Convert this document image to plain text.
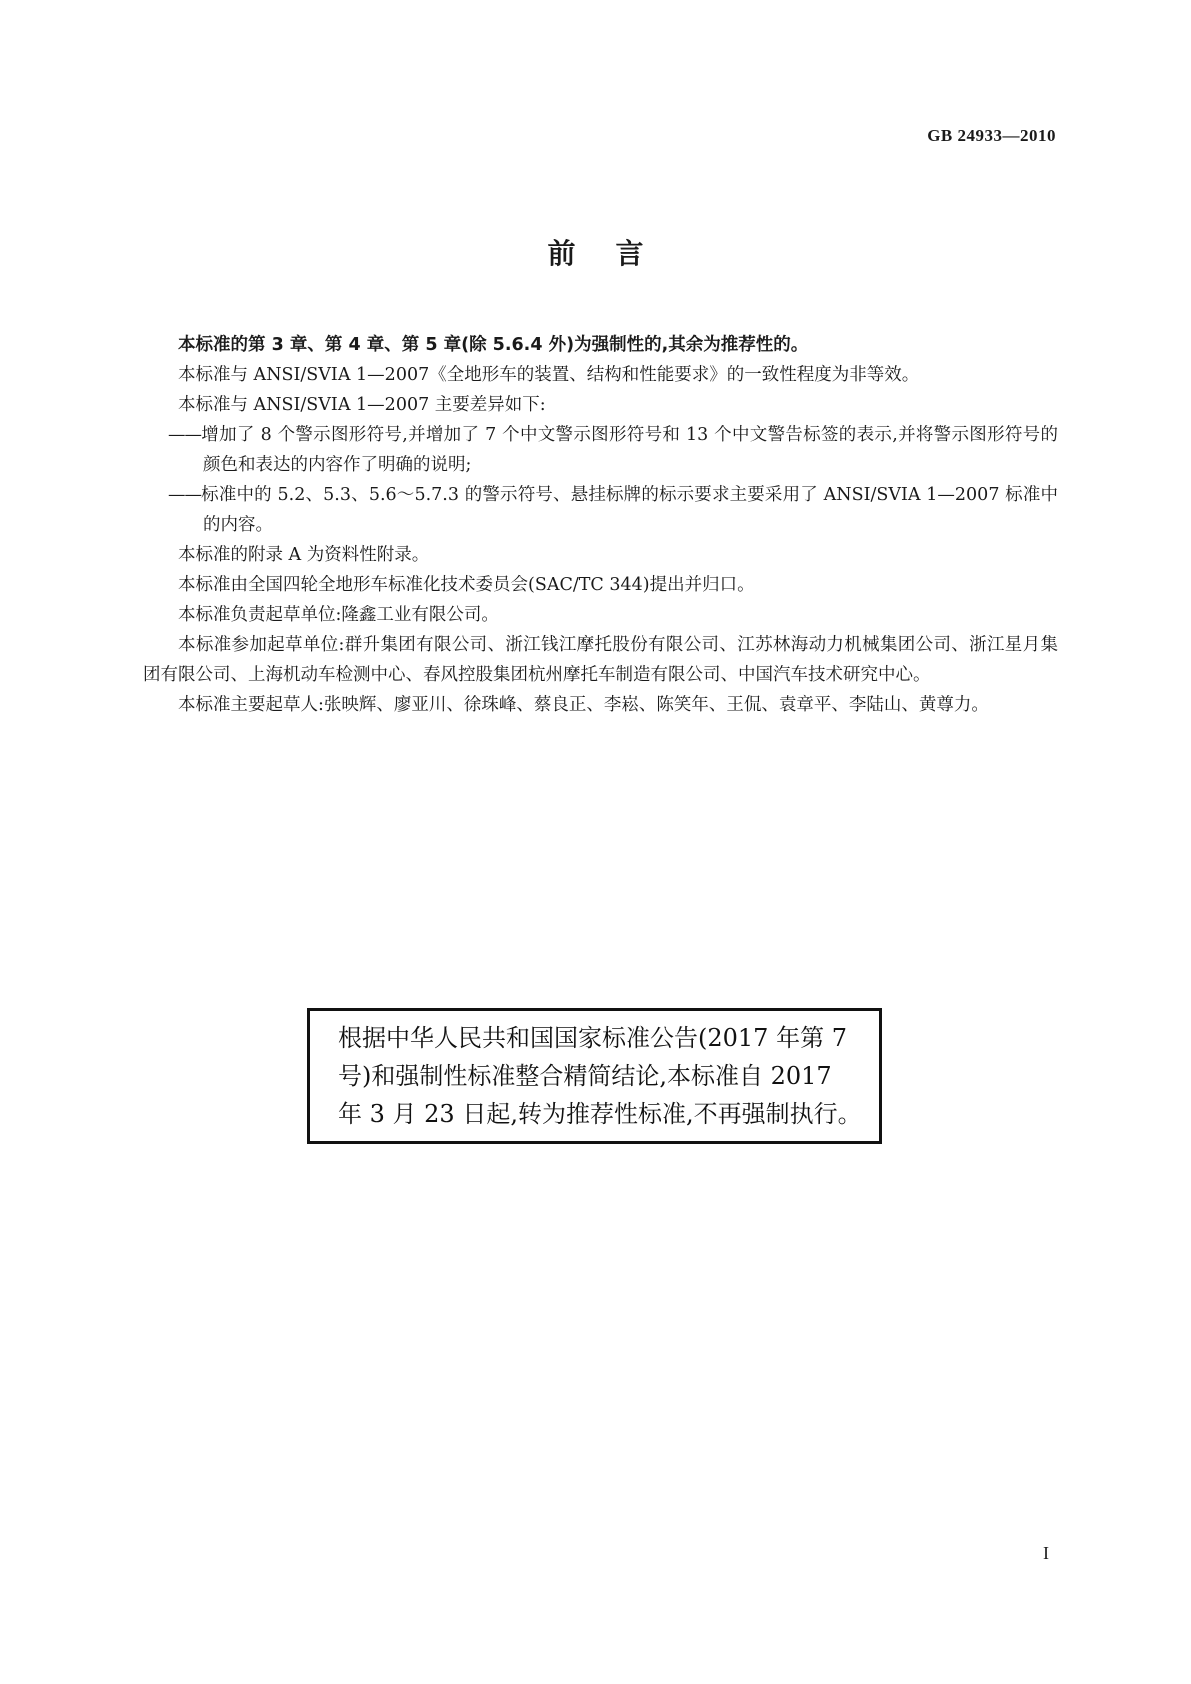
GB 24933—2010
前言

本标准的第 3 章、第 4 章、第 5 章(除 5.6.4 外)为强制性的,其余为推荐性的。

本标准与 ANSI/SVIA 1—2007《全地形车的装置、结构和性能要求》的一致性程度为非等效。

本标准与 ANSI/SVIA 1—2007 主要差异如下:

——增加了 8 个警示图形符号,并增加了 7 个中文警示图形符号和 13 个中文警告标签的表示,并将警示图形符号的颜色和表达的内容作了明确的说明;

——标准中的 5.2、5.3、5.6～5.7.3 的警示符号、悬挂标牌的标示要求主要采用了 ANSI/SVIA 1—2007 标准中的内容。

本标准的附录 A 为资料性附录。

本标准由全国四轮全地形车标准化技术委员会(SAC/TC 344)提出并归口。

本标准负责起草单位:隆鑫工业有限公司。

本标准参加起草单位:群升集团有限公司、浙江钱江摩托股份有限公司、江苏林海动力机械集团公司、浙江星月集团有限公司、上海机动车检测中心、春风控股集团杭州摩托车制造有限公司、中国汽车技术研究中心。

本标准主要起草人:张映辉、廖亚川、徐珠峰、蔡良正、李崧、陈笑年、王侃、袁章平、李陆山、黄尊力。

根据中华人民共和国国家标准公告(2017 年第 7
号)和强制性标准整合精简结论,本标准自 2017
年 3 月 23 日起,转为推荐性标准,不再强制执行。
I
